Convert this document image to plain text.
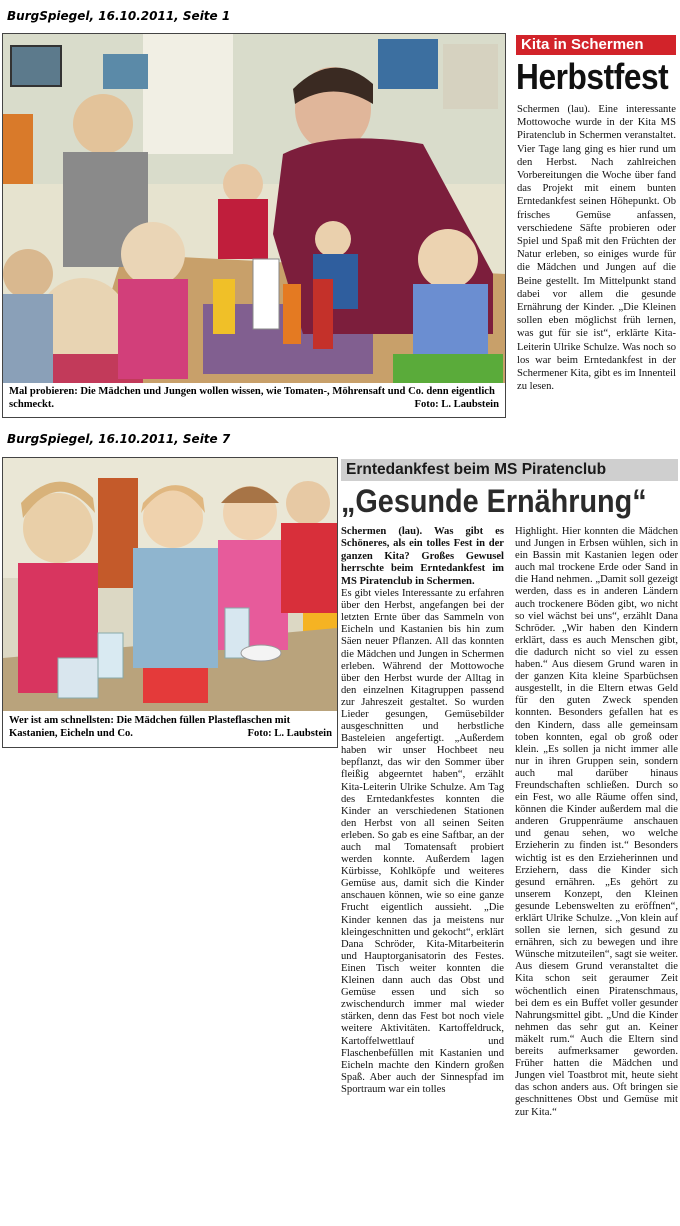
BurgSpiegel, 16.10.2011, Seite 1
BurgSpiegel, 16.10.2011, Seite 7
Mal probieren: Die Mädchen und Jungen wollen wissen, wie Tomaten-, Möhrensaft und Co. denn eigentlich schmeckt.	Foto: L. Laubstein
Kita in Schermen
Herbstfest
Schermen (lau). Eine interessante Mottowoche wurde in der Kita MS Piratenclub in Schermen veranstaltet. Vier Tage lang ging es hier rund um den Herbst. Nach zahlreichen Vorbereitungen die Woche über fand das Projekt mit einem bunten Erntedankfest seinen Höhepunkt. Ob frisches Gemüse anfassen, verschiedene Säfte probieren oder Spiel und Spaß mit den Früchten der Natur erleben, so einiges wurde für die Mädchen und Jungen auf die Beine gestellt. Im Mittelpunkt stand dabei vor allem die gesunde Ernährung der Kinder. „Die Kleinen sollen eben möglichst früh lernen, was gut für sie ist“, erklärte Kita-Leiterin Ulrike Schulze. Was noch so los war beim Erntedankfest in der Schermener Kita, gibt es im Innenteil zu lesen.
Wer ist am schnellsten: Die Mädchen füllen Plasteflaschen mit Kastanien, Eicheln und Co.	Foto: L. Laubstein
Erntedankfest beim MS Piratenclub
„Gesunde Ernährung“

Schermen (lau). Was gibt es Schöneres, als ein tolles Fest in der ganzen Kita? Großes Gewusel herrschte beim Erntedankfest im MS Piratenclub in Schermen.

Es gibt vieles Interessante zu erfahren über den Herbst, angefangen bei der letzten Ernte über das Sammeln von Eicheln und Kastanien bis hin zum Säen neuer Pflanzen. All das konnten die Mädchen und Jungen in Schermen erleben. Während der Mottowoche über den Herbst wurde der Alltag in den einzelnen Kitagruppen passend zur Jahreszeit gestaltet. So wurden Lieder gesungen, Gemüsebilder ausgeschnitten und herbstliche Basteleien angefertigt. „Außerdem haben wir unser Hochbeet neu bepflanzt, das wir den Sommer über fleißig abgeerntet haben“, erzählt Kita-Leiterin Ulrike Schulze. Am Tag des Erntedankfestes konnten die Kinder an verschiedenen Stationen den Herbst von all seinen Seiten erleben. So gab es eine Saftbar, an der auch mal Tomatensaft probiert werden konnte. Außerdem lagen Kürbisse, Kohlköpfe und weiteres Gemüse aus, damit sich die Kinder anschauen können, wie so eine ganze Frucht eigentlich aussieht. „Die Kinder kennen das ja meistens nur kleingeschnitten und gekocht“, erklärt Dana Schröder, Kita-Mitarbeiterin und Hauptorganisatorin des Festes. Einen Tisch weiter konnten die Kleinen dann auch das Obst und Gemüse essen und sich so zwischendurch immer mal wieder stärken, denn das Fest bot noch viele weitere Aktivitäten. Kartoffeldruck, Kartoffelwettlauf und Flaschenbefüllen mit Kastanien und Eicheln machte den Kindern großen Spaß. Aber auch der Sinnespfad im Sportraum war ein tolles

Highlight. Hier konnten die Mädchen und Jungen in Erbsen wühlen, sich in ein Bassin mit Kastanien legen oder auch mal trockene Erde oder Sand in die Hand nehmen. „Damit soll gezeigt werden, dass es in anderen Ländern auch trockenere Böden gibt, wo nicht so viel wächst bei uns“, erzählt Dana Schröder. „Wir haben den Kindern erklärt, dass es auch Menschen gibt, die dadurch nicht so viel zu essen haben.“ Aus diesem Grund waren in der ganzen Kita kleine Sparbüchsen ausgestellt, in die Eltern etwas Geld für den guten Zweck spenden konnten. Besonders gefallen hat es den Kindern, dass alle gemeinsam toben konnten, egal ob groß oder klein. „Es sollen ja nicht immer alle nur in ihren Gruppen sein, sondern auch mal darüber hinaus Freundschaften schließen. Durch so ein Fest, wo alle Räume offen sind, können die Kinder außerdem mal die anderen Gruppenräume anschauen und genau sehen, wo welche Erzieherin zu finden ist.“ Besonders wichtig ist es den Erzieherinnen und Erziehern, dass die Kinder sich gesund ernähren. „Es gehört zu unserem Konzept, den Kleinen gesunde Lebenswelten zu eröffnen“, erklärt Ulrike Schulze. „Von klein auf sollen sie lernen, sich gesund zu ernähren, sich zu bewegen und ihre Wünsche mitzuteilen“, sagt sie weiter. Aus diesem Grund veranstaltet die Kita schon seit geraumer Zeit wöchentlich einen Piratenschmaus, bei dem es ein Buffet voller gesunder Nahrungsmittel gibt. „Und die Kinder nehmen das sehr gut an. Keiner mäkelt rum.“ Auch die Eltern sind bereits aufmerksamer geworden. Früher hatten die Mädchen und Jungen viel Toastbrot mit, heute sieht das schon anders aus. Oft bringen sie geschnittenes Obst und Gemüse mit zur Kita.“
